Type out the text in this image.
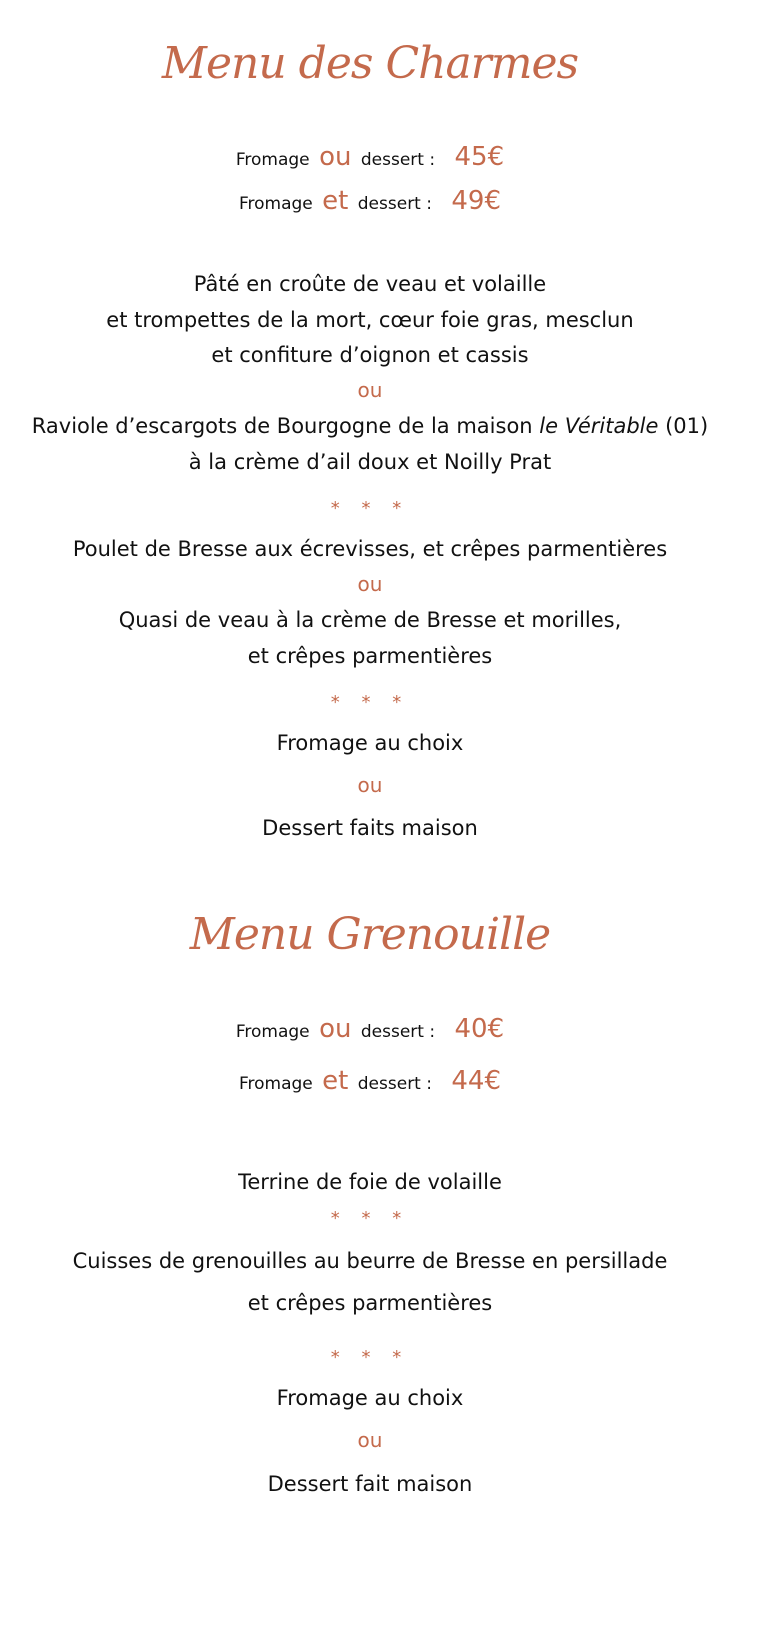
Menu des Charmes
Fromage ou dessert : 45€
Fromage et dessert : 49€
Pâté en croûte de veau et volaille
et trompettes de la mort, cœur foie gras, mesclun
et confiture d’oignon et cassis
ou
Raviole d’escargots de Bourgogne de la maison le Véritable (01)
à la crème d’ail doux et Noilly Prat
* * *
Poulet de Bresse aux écrevisses, et crêpes parmentières
ou
Quasi de veau à la crème de Bresse et morilles,
et crêpes parmentières
* * *
Fromage au choix
ou
Dessert faits maison
Menu Grenouille
Fromage ou dessert : 40€
Fromage et dessert : 44€
Terrine de foie de volaille
* * *
Cuisses de grenouilles au beurre de Bresse en persillade
et crêpes parmentières
* * *
Fromage au choix
ou
Dessert fait maison
